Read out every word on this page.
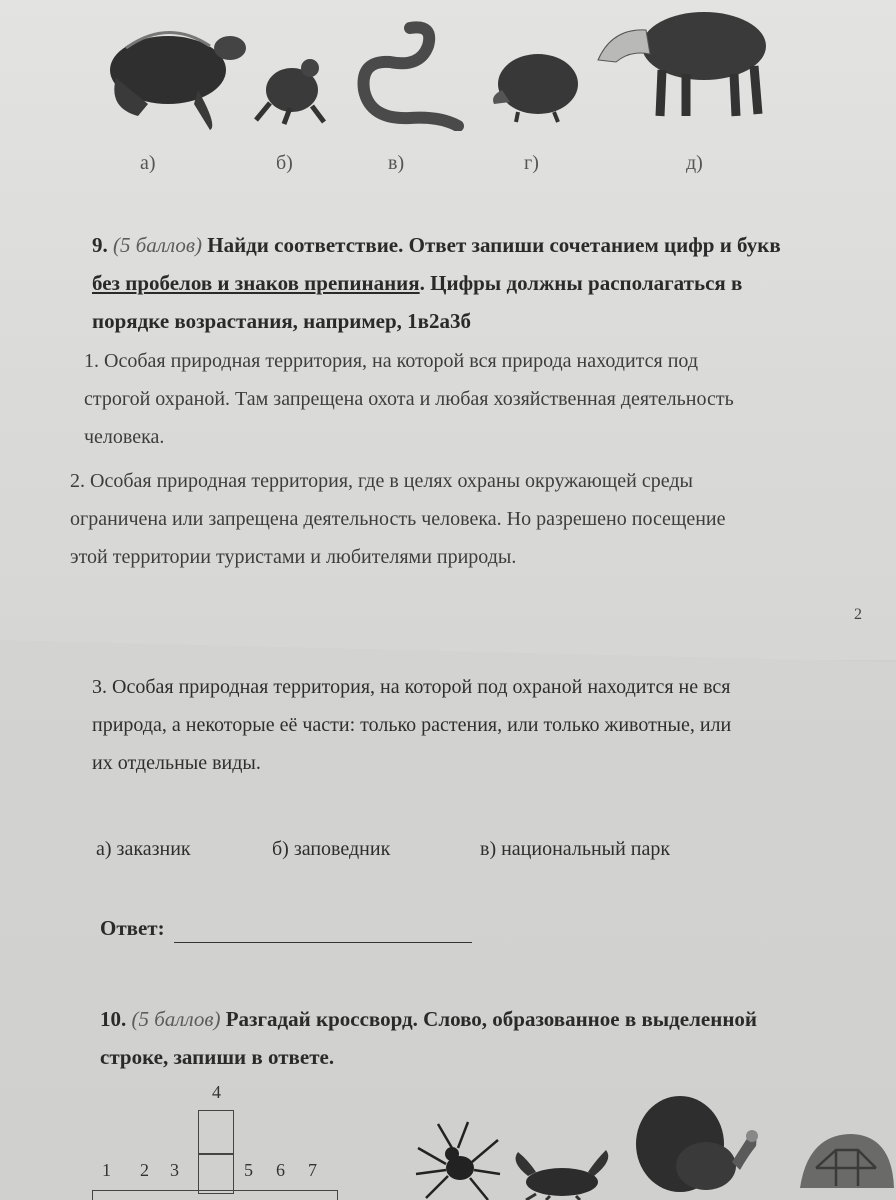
а)	б)	в)	г)	д)
9. (5 баллов) Найди соответствие. Ответ запиши сочетанием цифр и букв
без пробелов и знаков препинания. Цифры должны располагаться в
порядке возрастания, например, 1в2а3б
1. Особая природная территория, на которой вся природа находится под
строгой охраной. Там запрещена охота и любая хозяйственная деятельность
человека.
2. Особая природная территория, где в целях охраны окружающей среды
ограничена или запрещена деятельность человека. Но разрешено посещение
этой территории туристами и любителями природы.
2
3. Особая природная территория, на которой под охраной находится не вся
природа, а некоторые её части: только растения, или только животные, или
их отдельные виды.
а) заказник	б) заповедник	в) национальный парк
Ответ:
10. (5 баллов) Разгадай кроссворд. Слово, образованное в выделенной
строке, запиши в ответе.
4
1 2 3	5 6 7
